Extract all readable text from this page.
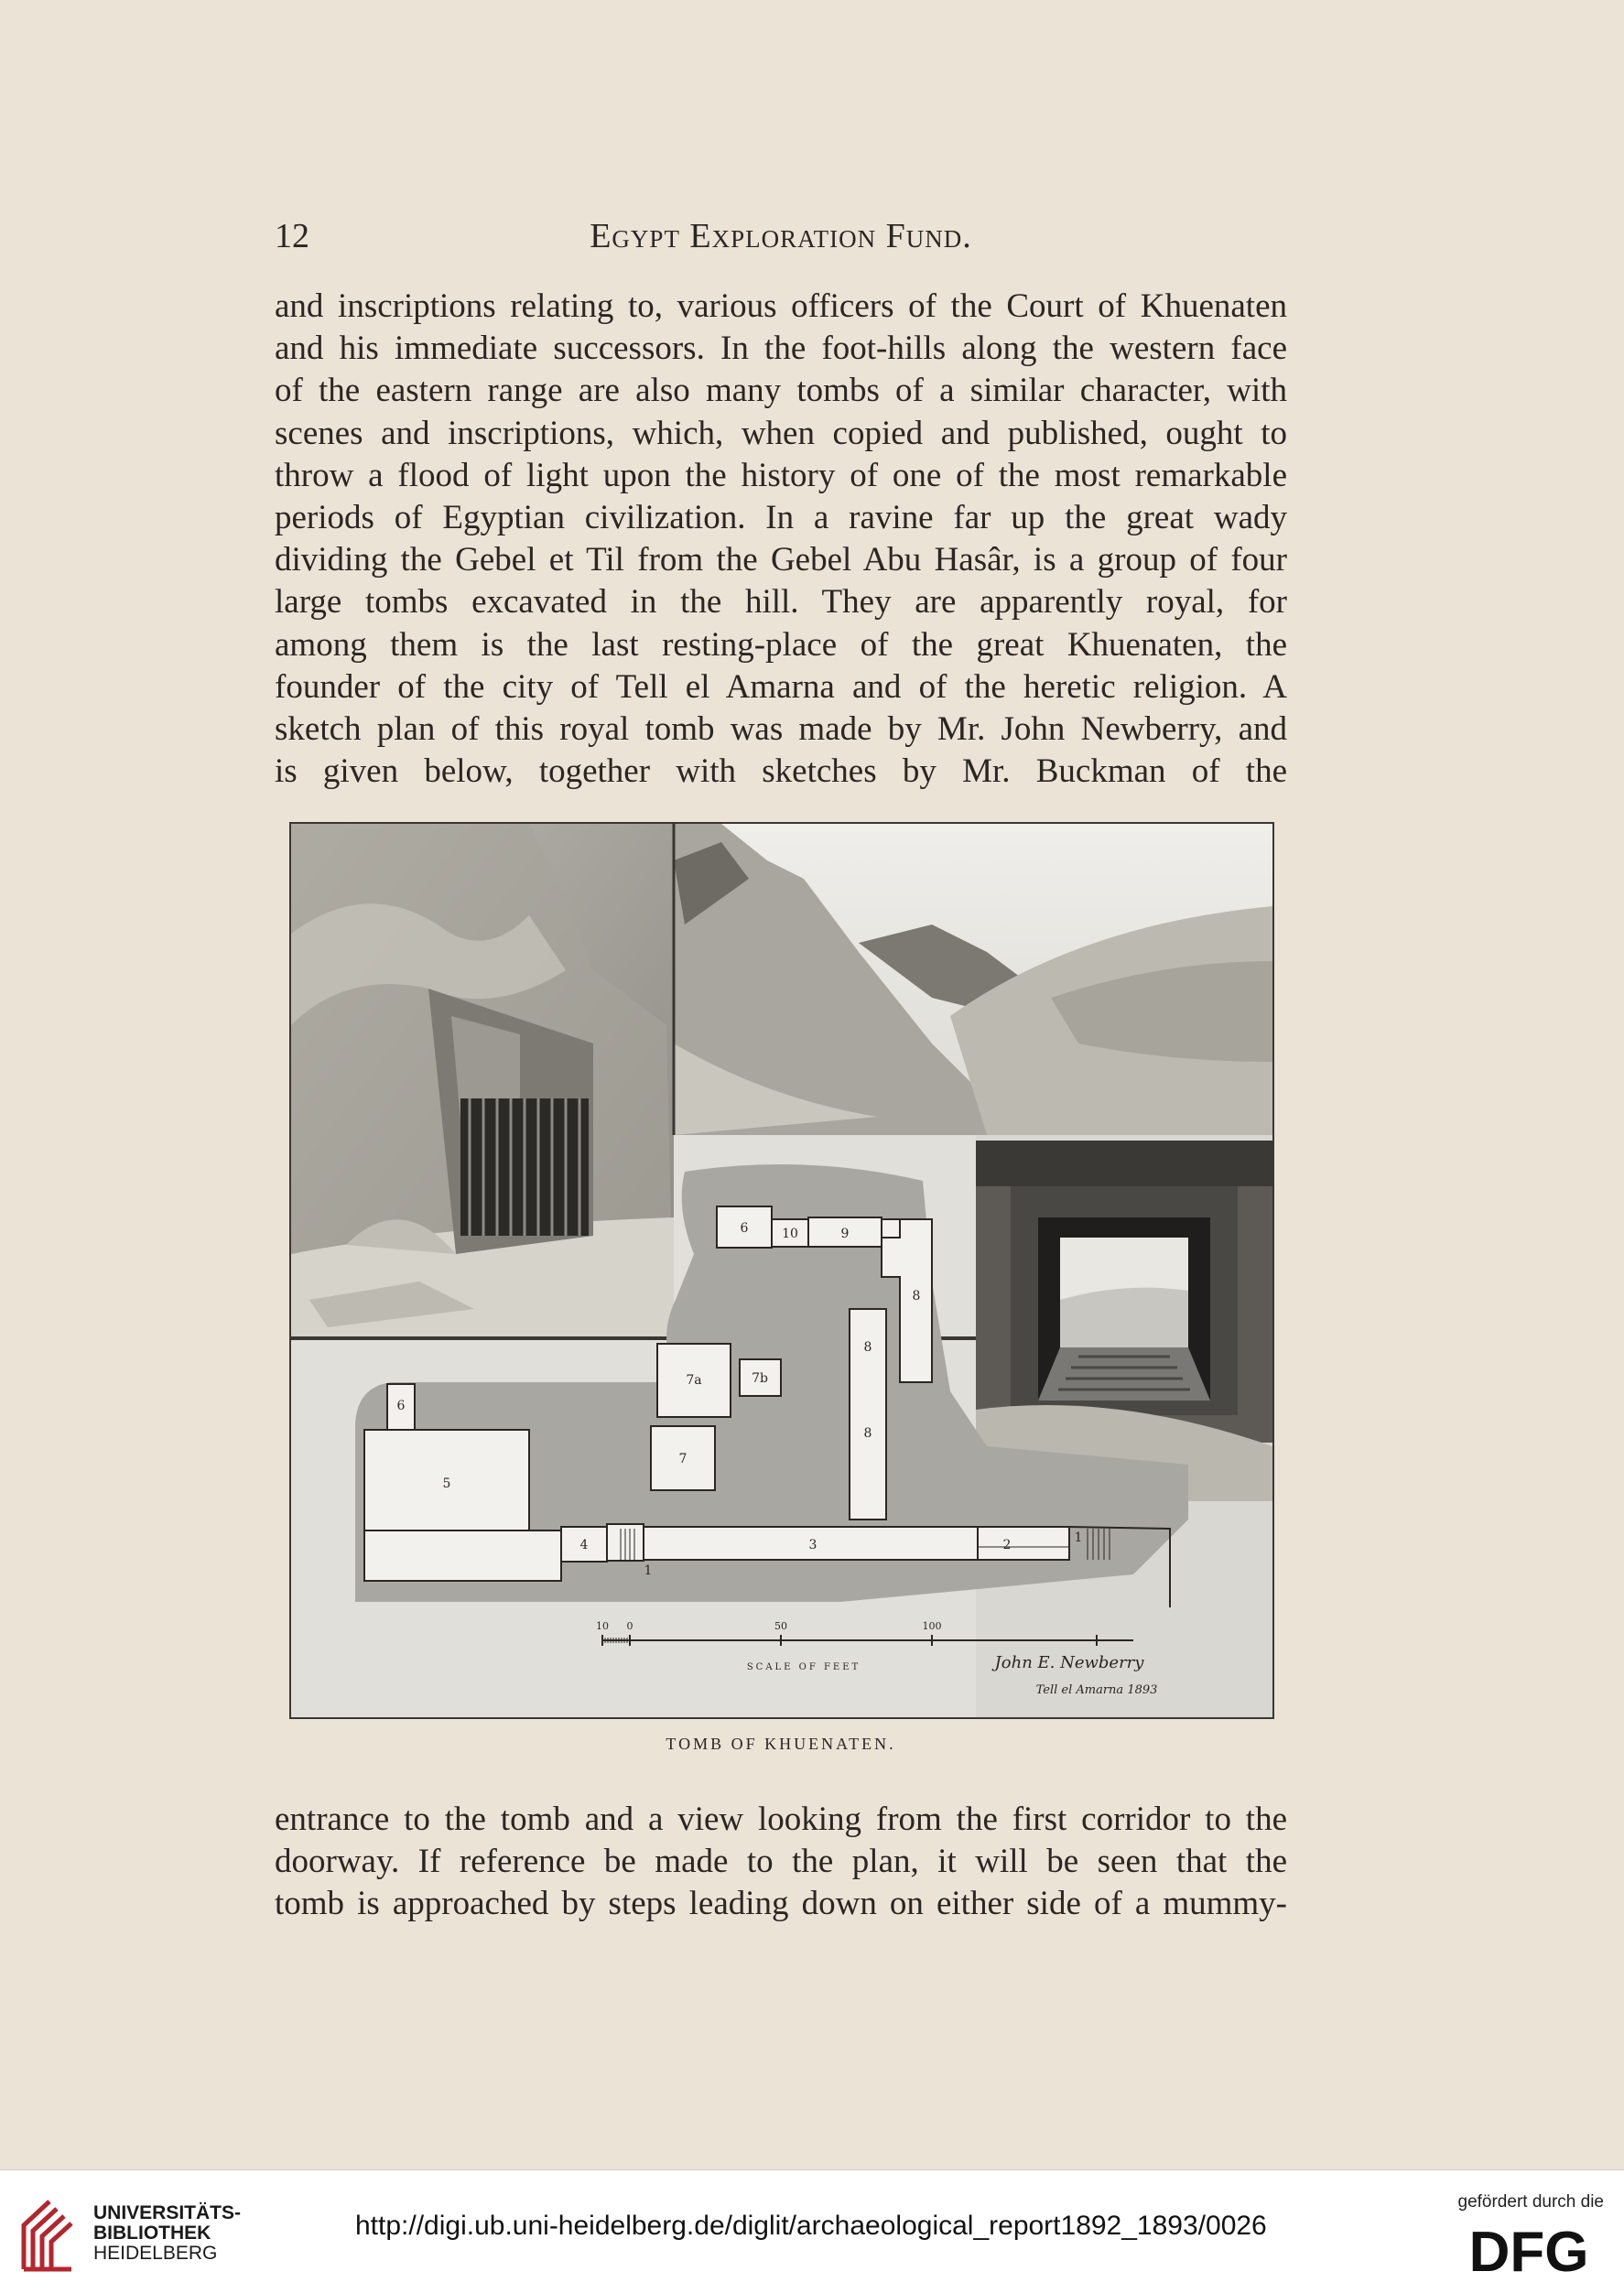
12	Egypt Exploration Fund.
and inscriptions relating to, various officers of the Court of Khuenaten
and his immediate successors. In the foot-hills along the western face
of the eastern range are also many tombs of a similar character, with
scenes and inscriptions, which, when copied and published, ought to
throw a flood of light upon the history of one of the most remarkable
periods of Egyptian civilization. In a ravine far up the great wady
dividing the Gebel et Til from the Gebel Abu Hasâr, is a group of four
large tombs excavated in the hill. They are apparently royal, for
among them is the last resting-place of the great Khuenaten, the
founder of the city of Tell el Amarna and of the heretic religion. A
sketch plan of this royal tomb was made by Mr. John Newberry, and
is given below, together with sketches by Mr. Buckman of the
6	10	9
8
8
8
7a	7b
7
6
5
4	3	2	1
1
10 0	50	100
SCALE OF FEET	John E. Newberry
Tell el Amarna 1893
TOMB OF KHUENATEN.
entrance to the tomb and a view looking from the first corridor to the
doorway. If reference be made to the plan, it will be seen that the
tomb is approached by steps leading down on either side of a mummy-
UNIVERSITÄTS-
BIBLIOTHEK
HEIDELBERG
http://digi.ub.uni-heidelberg.de/diglit/archaeological_report1892_1893/0026
gefördert durch die
DFG
